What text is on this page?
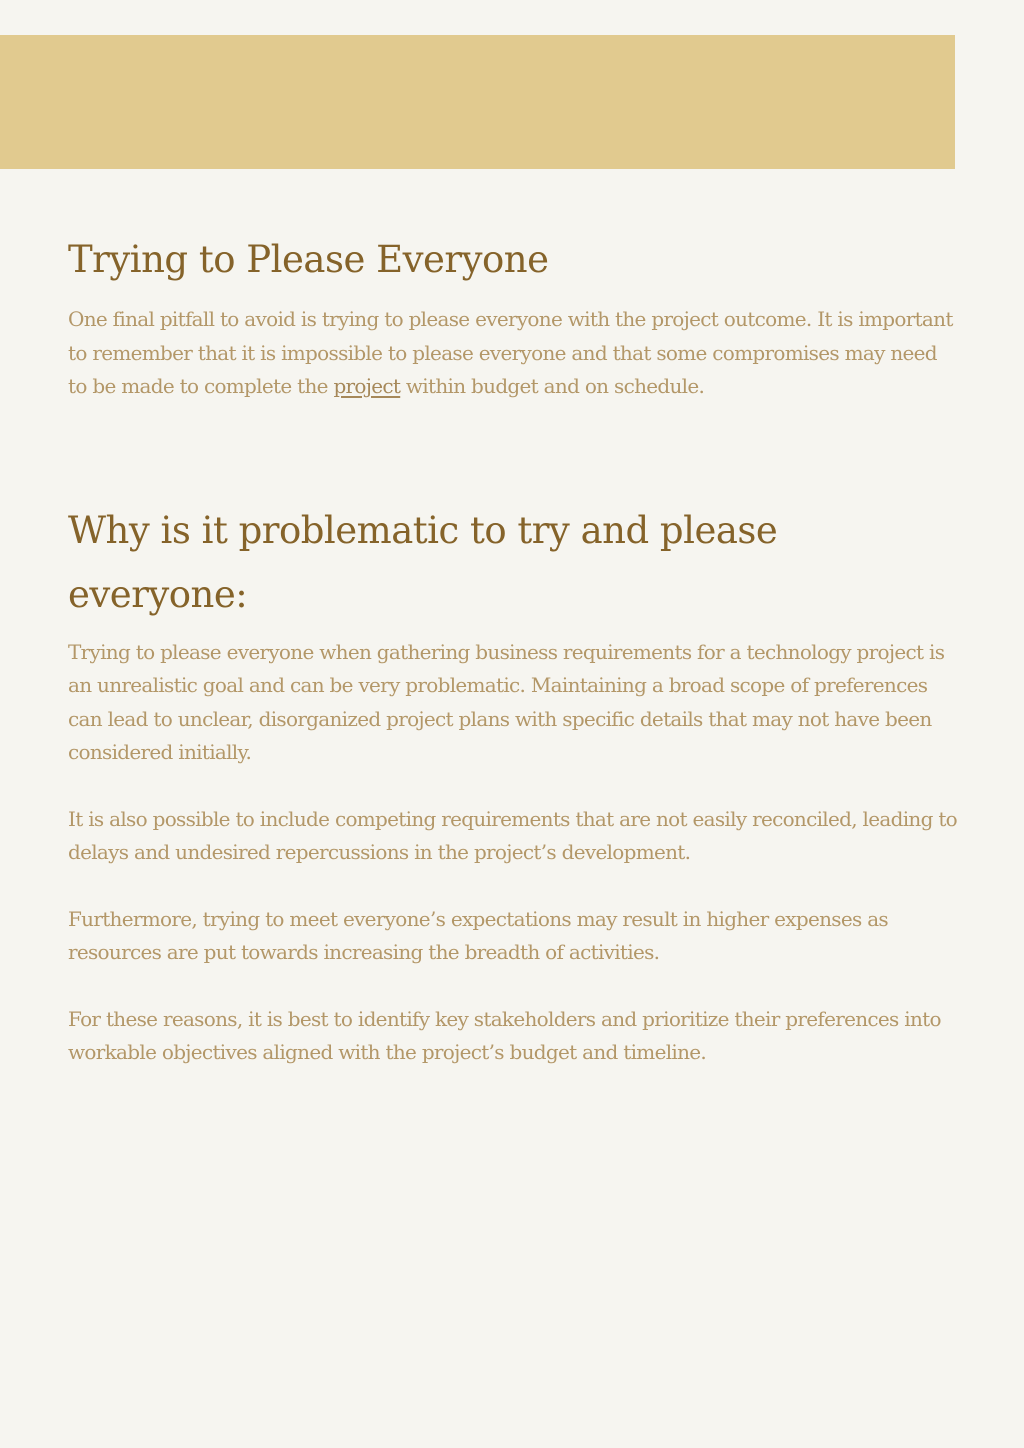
Trying to Please Everyone

One final pitfall to avoid is trying to please everyone with the project outcome. It is important to remember that it is impossible to please everyone and that some compromises may need to be made to complete the project within budget and on schedule.

Why is it problematic to try and please everyone:

Trying to please everyone when gathering business requirements for a technology project is an unrealistic goal and can be very problematic. Maintaining a broad scope of preferences can lead to unclear, disorganized project plans with specific details that may not have been considered initially.

It is also possible to include competing requirements that are not easily reconciled, leading to delays and undesired repercussions in the project’s development.

Furthermore, trying to meet everyone’s expectations may result in higher expenses as resources are put towards increasing the breadth of activities.

For these reasons, it is best to identify key stakeholders and prioritize their preferences into workable objectives aligned with the project’s budget and timeline.
